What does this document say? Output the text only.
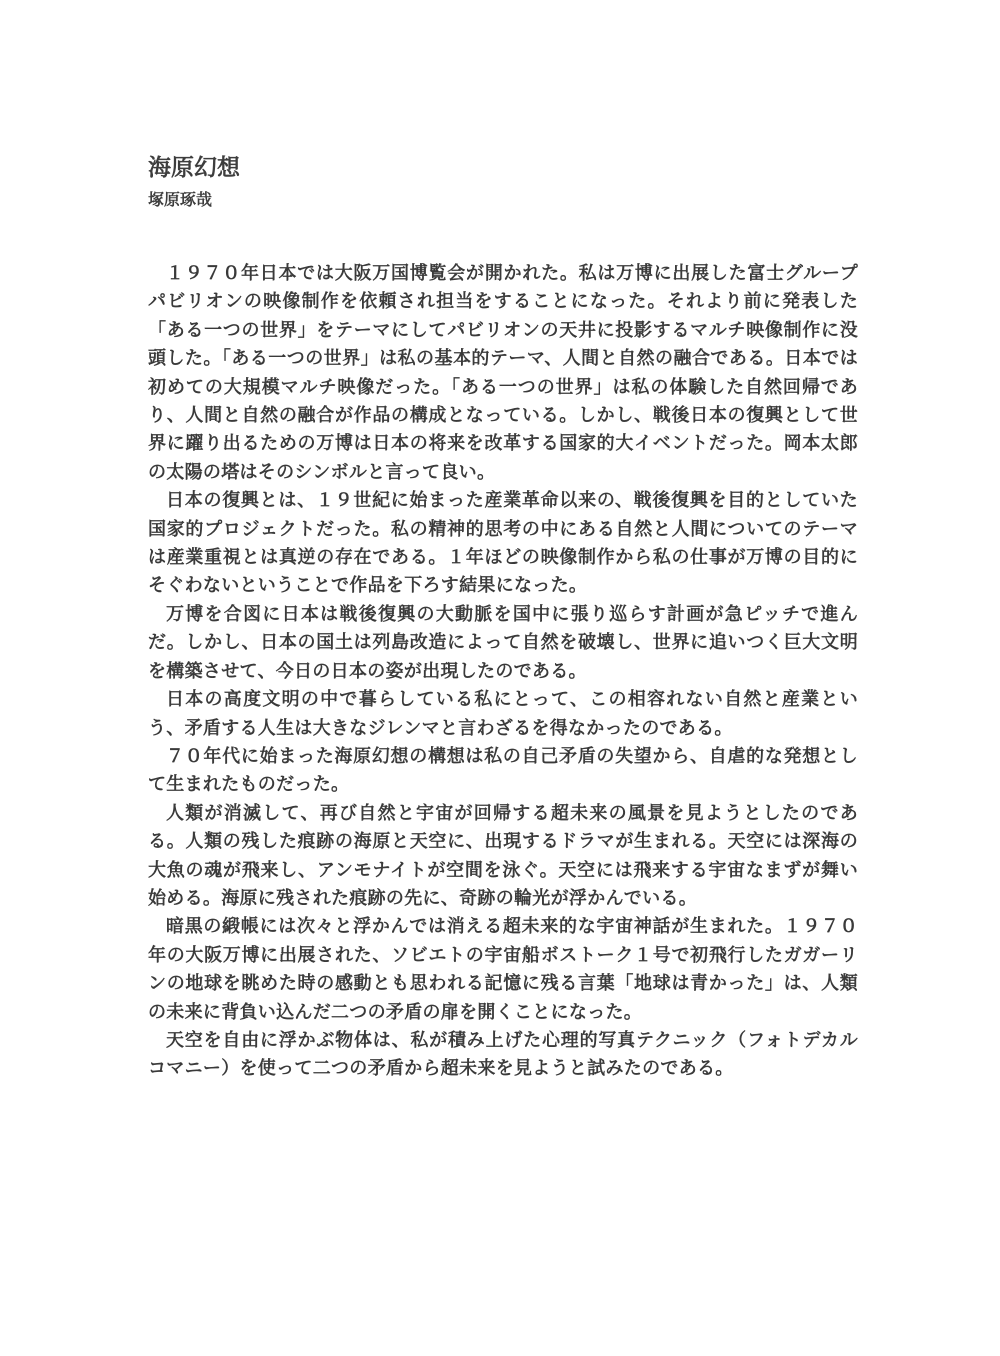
海原幻想

塚原琢哉

１９７０年日本では大阪万国博覧会が開かれた。私は万博に出展した富士グループパビリオンの映像制作を依頼され担当をすることになった。それより前に発表した「ある一つの世界」をテーマにしてパビリオンの天井に投影するマルチ映像制作に没頭した。「ある一つの世界」は私の基本的テーマ、人間と自然の融合である。日本では初めての大規模マルチ映像だった。「ある一つの世界」は私の体験した自然回帰であり、人間と自然の融合が作品の構成となっている。しかし、戦後日本の復興として世界に躍り出るための万博は日本の将来を改革する国家的大イベントだった。岡本太郎の太陽の塔はそのシンボルと言って良い。

日本の復興とは、１９世紀に始まった産業革命以来の、戦後復興を目的としていた国家的プロジェクトだった。私の精神的思考の中にある自然と人間についてのテーマは産業重視とは真逆の存在である。１年ほどの映像制作から私の仕事が万博の目的にそぐわないということで作品を下ろす結果になった。

万博を合図に日本は戦後復興の大動脈を国中に張り巡らす計画が急ピッチで進んだ。しかし、日本の国土は列島改造によって自然を破壊し、世界に追いつく巨大文明を構築させて、今日の日本の姿が出現したのである。

日本の高度文明の中で暮らしている私にとって、この相容れない自然と産業という、矛盾する人生は大きなジレンマと言わざるを得なかったのである。

７０年代に始まった海原幻想の構想は私の自己矛盾の失望から、自虐的な発想として生まれたものだった。

人類が消滅して、再び自然と宇宙が回帰する超未来の風景を見ようとしたのである。人類の残した痕跡の海原と天空に、出現するドラマが生まれる。天空には深海の大魚の魂が飛来し、アンモナイトが空間を泳ぐ。天空には飛来する宇宙なまずが舞い始める。海原に残された痕跡の先に、奇跡の輪光が浮かんでいる。

暗黒の緞帳には次々と浮かんでは消える超未来的な宇宙神話が生まれた。１９７０年の大阪万博に出展された、ソビエトの宇宙船ボストーク１号で初飛行したガガーリンの地球を眺めた時の感動とも思われる記憶に残る言葉「地球は青かった」は、人類の未来に背負い込んだ二つの矛盾の扉を開くことになった。

天空を自由に浮かぶ物体は、私が積み上げた心理的写真テクニック（フォトデカルコマニー）を使って二つの矛盾から超未来を見ようと試みたのである。
